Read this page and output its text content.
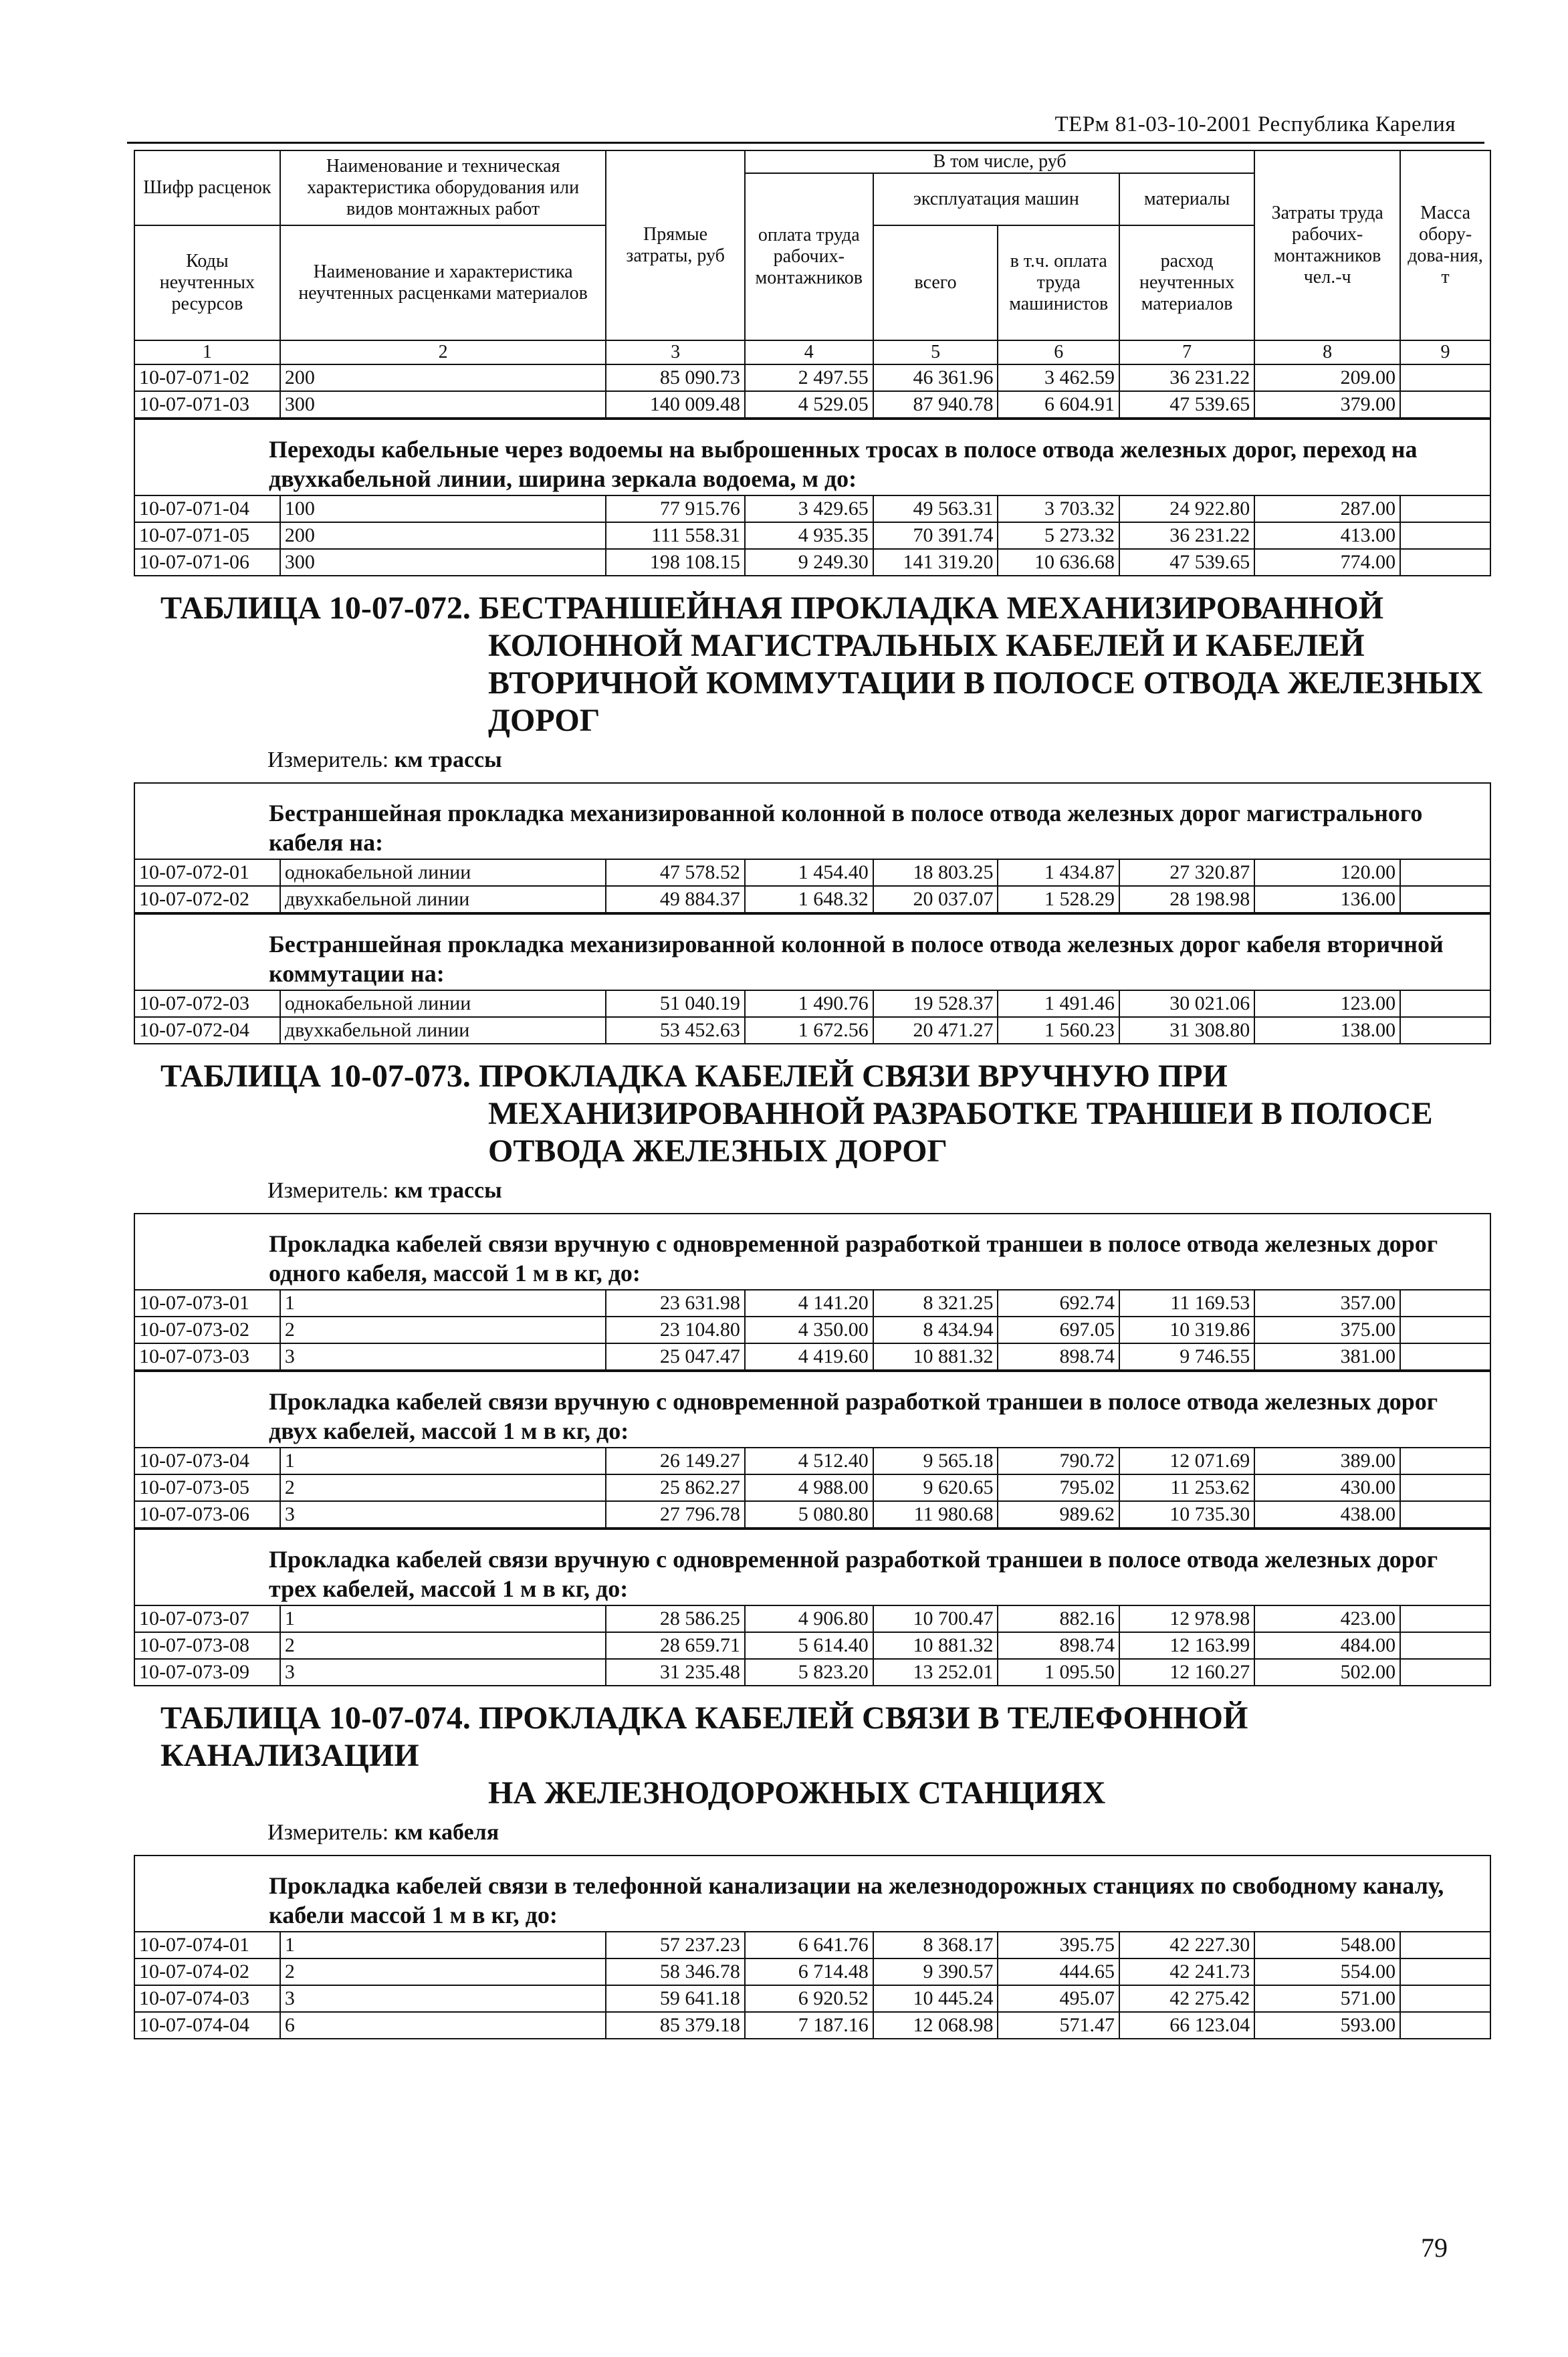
ТЕРм 81-03-10-2001 Республика Карелия
Шифр расценок	Наименование и техническая характеристика оборудования или видов монтажных работ	Прямые затраты, руб	В том числе, руб				Затраты труда рабочих-монтажников чел.-ч	Масса обору-дова-ния, т
			оплата труда рабочих-монтажников	эксплуатация машин		материалы		
Коды неучтенных ресурсов	Наименование и характеристика неучтенных расценками материалов			всего	в т.ч. оплата труда машинистов	расход неучтенных материалов		

1	2	3	4	5	6	7	8	9
10-07-071-02	200	85 090.73	2 497.55	46 361.96	3 462.59	36 231.22	209.00	
10-07-071-03	300	140 009.48	4 529.05	87 940.78	6 604.91	47 539.65	379.00	
Переходы кабельные через водоемы на выброшенных тросах в полосе отвода железных дорог, переход на двухкабельной линии, ширина зеркала водоема, м до:
10-07-071-04	100	77 915.76	3 429.65	49 563.31	3 703.32	24 922.80	287.00	
10-07-071-05	200	111 558.31	4 935.35	70 391.74	5 273.32	36 231.22	413.00	
10-07-071-06	300	198 108.15	9 249.30	141 319.20	10 636.68	47 539.65	774.00	
ТАБЛИЦА 10-07-072. БЕСТРАНШЕЙНАЯ ПРОКЛАДКА МЕХАНИЗИРОВАННОЙ
КОЛОННОЙ МАГИСТРАЛЬНЫХ КАБЕЛЕЙ И КАБЕЛЕЙ
ВТОРИЧНОЙ КОММУТАЦИИ В ПОЛОСЕ ОТВОДА ЖЕЛЕЗНЫХ
ДОРОГ
Измеритель: км трассы
Бестраншейная прокладка механизированной колонной в полосе отвода железных дорог магистрального кабеля на:
10-07-072-01	однокабельной линии	47 578.52	1 454.40	18 803.25	1 434.87	27 320.87	120.00	
10-07-072-02	двухкабельной линии	49 884.37	1 648.32	20 037.07	1 528.29	28 198.98	136.00	
Бестраншейная прокладка механизированной колонной в полосе отвода железных дорог кабеля вторичной коммутации на:
10-07-072-03	однокабельной линии	51 040.19	1 490.76	19 528.37	1 491.46	30 021.06	123.00	
10-07-072-04	двухкабельной линии	53 452.63	1 672.56	20 471.27	1 560.23	31 308.80	138.00	
ТАБЛИЦА 10-07-073. ПРОКЛАДКА КАБЕЛЕЙ СВЯЗИ ВРУЧНУЮ ПРИ
МЕХАНИЗИРОВАННОЙ РАЗРАБОТКЕ ТРАНШЕИ В ПОЛОСЕ
ОТВОДА ЖЕЛЕЗНЫХ ДОРОГ
Измеритель: км трассы
Прокладка кабелей связи вручную с одновременной разработкой траншеи в полосе отвода железных дорог одного кабеля, массой 1 м в кг, до:
10-07-073-01	1	23 631.98	4 141.20	8 321.25	692.74	11 169.53	357.00	
10-07-073-02	2	23 104.80	4 350.00	8 434.94	697.05	10 319.86	375.00	
10-07-073-03	3	25 047.47	4 419.60	10 881.32	898.74	9 746.55	381.00	
Прокладка кабелей связи вручную с одновременной разработкой траншеи в полосе отвода железных дорог двух кабелей, массой 1 м в кг, до:
10-07-073-04	1	26 149.27	4 512.40	9 565.18	790.72	12 071.69	389.00	
10-07-073-05	2	25 862.27	4 988.00	9 620.65	795.02	11 253.62	430.00	
10-07-073-06	3	27 796.78	5 080.80	11 980.68	989.62	10 735.30	438.00	
Прокладка кабелей связи вручную с одновременной разработкой траншеи в полосе отвода железных дорог трех кабелей, массой 1 м в кг, до:
10-07-073-07	1	28 586.25	4 906.80	10 700.47	882.16	12 978.98	423.00	
10-07-073-08	2	28 659.71	5 614.40	10 881.32	898.74	12 163.99	484.00	
10-07-073-09	3	31 235.48	5 823.20	13 252.01	1 095.50	12 160.27	502.00	
ТАБЛИЦА 10-07-074. ПРОКЛАДКА КАБЕЛЕЙ СВЯЗИ В ТЕЛЕФОННОЙ КАНАЛИЗАЦИИ
НА ЖЕЛЕЗНОДОРОЖНЫХ СТАНЦИЯХ
Измеритель: км кабеля
Прокладка кабелей связи в телефонной канализации на железнодорожных станциях по свободному каналу, кабели массой 1 м в кг, до:
10-07-074-01	1	57 237.23	6 641.76	8 368.17	395.75	42 227.30	548.00	
10-07-074-02	2	58 346.78	6 714.48	9 390.57	444.65	42 241.73	554.00	
10-07-074-03	3	59 641.18	6 920.52	10 445.24	495.07	42 275.42	571.00	
10-07-074-04	6	85 379.18	7 187.16	12 068.98	571.47	66 123.04	593.00	
79
